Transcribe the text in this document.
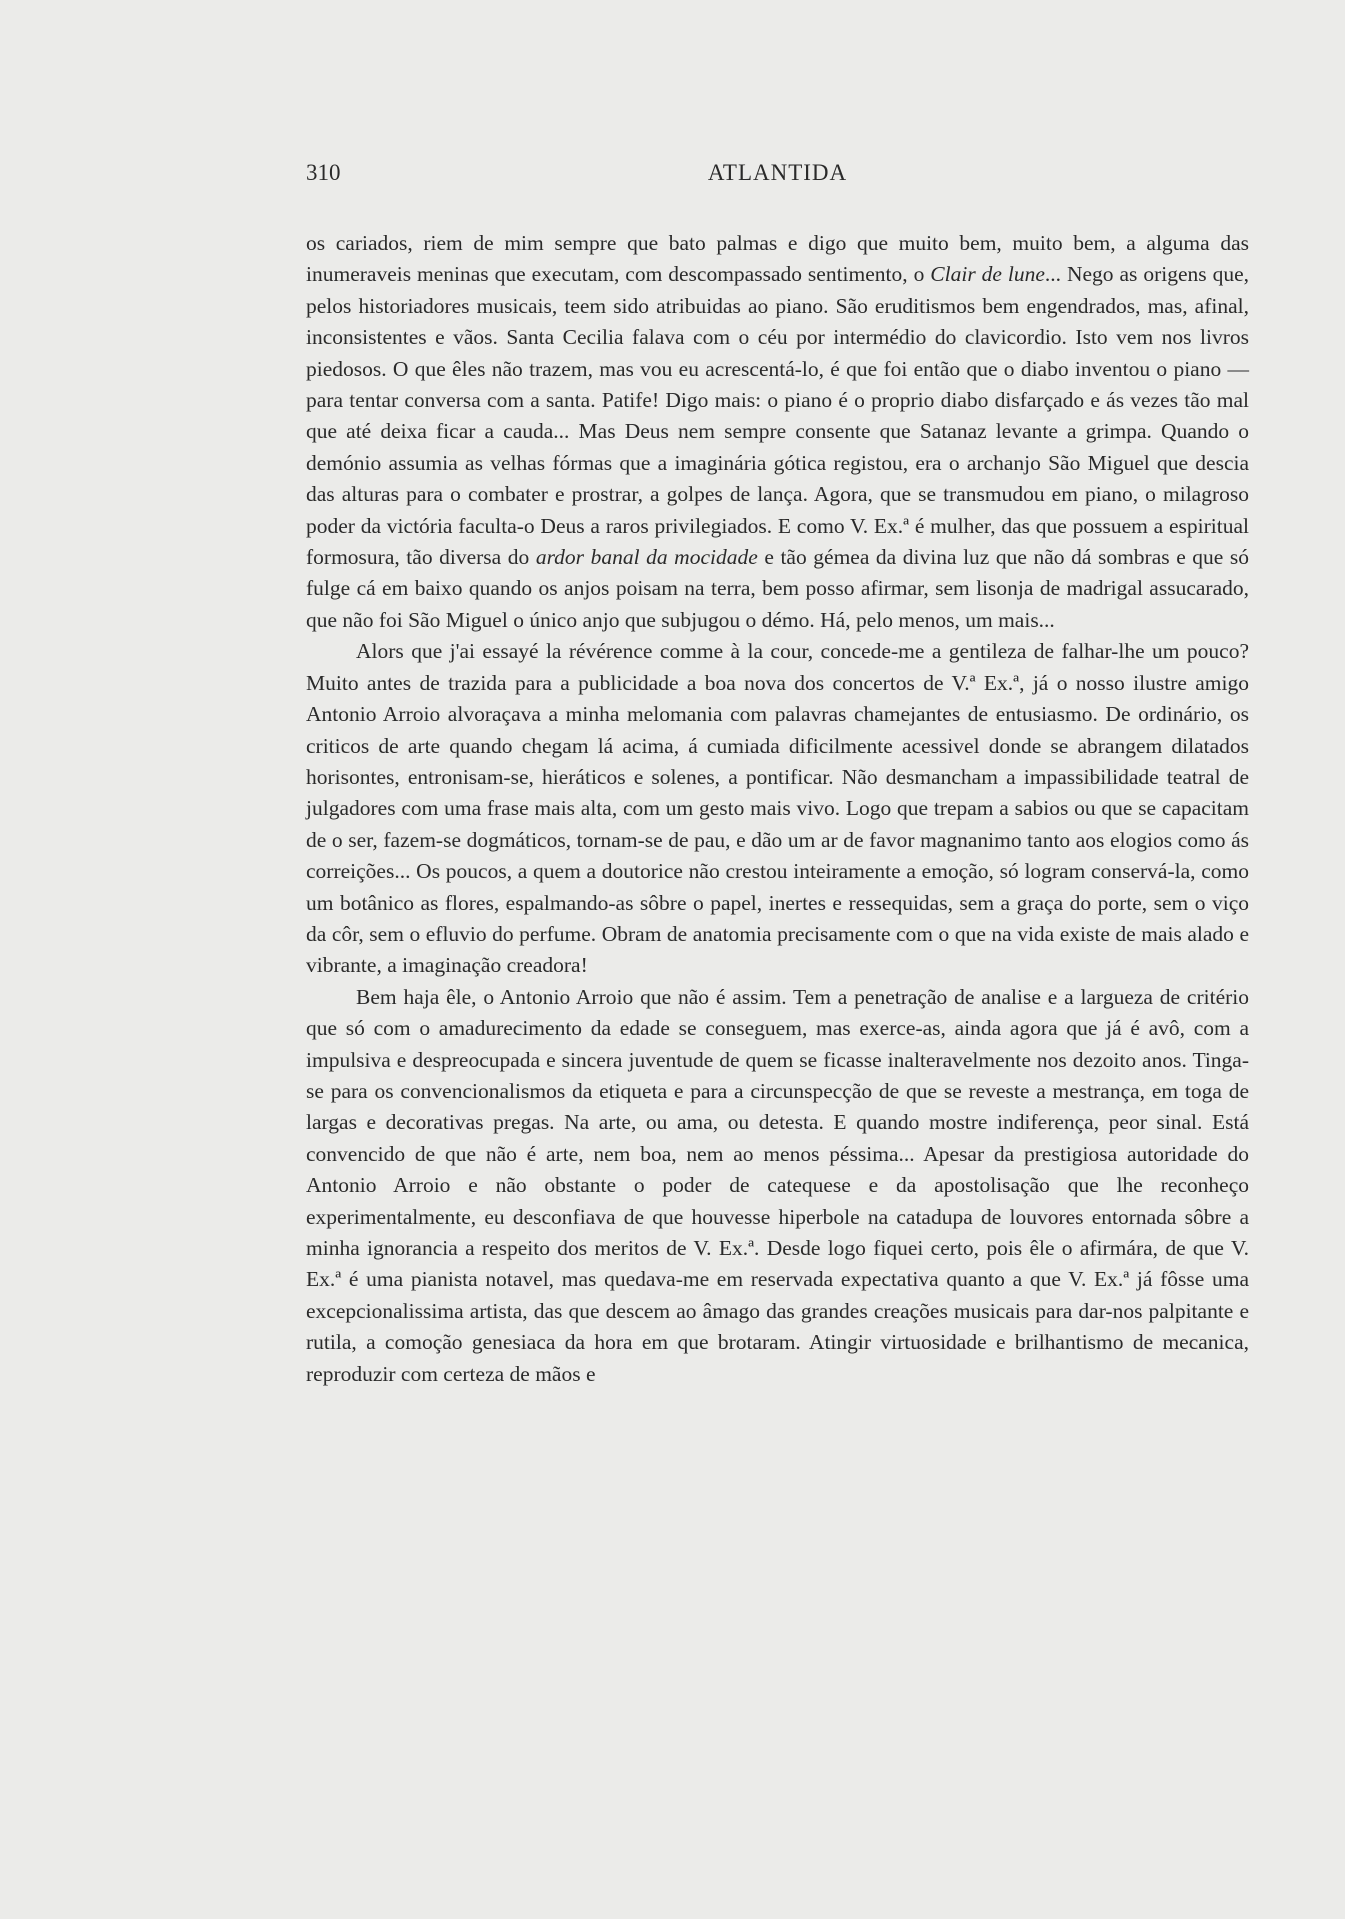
310	ATLANTIDA

os cariados, riem de mim sempre que bato palmas e digo que muito bem, muito bem, a alguma das inumeraveis meninas que executam, com descompassado sentimento, o Clair de lune... Nego as origens que, pelos historiadores musicais, teem sido atribuidas ao piano. São eruditismos bem engendrados, mas, afinal, inconsistentes e vãos. Santa Cecilia falava com o céu por intermédio do clavicordio. Isto vem nos livros piedosos. O que êles não trazem, mas vou eu acrescentá-lo, é que foi então que o diabo inventou o piano — para tentar conversa com a santa. Patife! Digo mais: o piano é o proprio diabo disfarçado e ás vezes tão mal que até deixa ficar a cauda... Mas Deus nem sempre consente que Satanaz levante a grimpa. Quando o demónio assumia as velhas fórmas que a imaginária gótica registou, era o archanjo São Miguel que descia das alturas para o combater e prostrar, a golpes de lança. Agora, que se transmudou em piano, o milagroso poder da victória faculta-o Deus a raros privilegiados. E como V. Ex.ª é mulher, das que possuem a espiritual formosura, tão diversa do ardor banal da mocidade e tão gémea da divina luz que não dá sombras e que só fulge cá em baixo quando os anjos poisam na terra, bem posso afirmar, sem lisonja de madrigal assucarado, que não foi São Miguel o único anjo que subjugou o démo. Há, pelo menos, um mais...

Alors que j'ai essayé la révérence comme à la cour, concede-me a gentileza de falhar-lhe um pouco? Muito antes de trazida para a publicidade a boa nova dos concertos de V.ª Ex.ª, já o nosso ilustre amigo Antonio Arroio alvoraçava a minha melomania com palavras chamejantes de entusiasmo. De ordinário, os criticos de arte quando chegam lá acima, á cumiada dificilmente acessivel donde se abrangem dilatados horisontes, entronisam-se, hieráticos e solenes, a pontificar. Não desmancham a impassibilidade teatral de julgadores com uma frase mais alta, com um gesto mais vivo. Logo que trepam a sabios ou que se capacitam de o ser, fazem-se dogmáticos, tornam-se de pau, e dão um ar de favor magnanimo tanto aos elogios como ás correições... Os poucos, a quem a doutorice não crestou inteiramente a emoção, só logram conservá-la, como um botânico as flores, espalmando-as sôbre o papel, inertes e ressequidas, sem a graça do porte, sem o viço da côr, sem o efluvio do perfume. Obram de anatomia precisamente com o que na vida existe de mais alado e vibrante, a imaginação creadora!

Bem haja êle, o Antonio Arroio que não é assim. Tem a penetração de analise e a largueza de critério que só com o amadurecimento da edade se conseguem, mas exerce-as, ainda agora que já é avô, com a impulsiva e despreocupada e sincera juventude de quem se ficasse inalteravelmente nos dezoito anos. Tinga-se para os convencionalismos da etiqueta e para a circunspecção de que se reveste a mestrança, em toga de largas e decorativas pregas. Na arte, ou ama, ou detesta. E quando mostre indiferença, peor sinal. Está convencido de que não é arte, nem boa, nem ao menos péssima... Apesar da prestigiosa autoridade do Antonio Arroio e não obstante o poder de catequese e da apostolisação que lhe reconheço experimentalmente, eu desconfiava de que houvesse hiperbole na catadupa de louvores entornada sôbre a minha ignorancia a respeito dos meritos de V. Ex.ª. Desde logo fiquei certo, pois êle o afirmára, de que V. Ex.ª é uma pianista notavel, mas quedava-me em reservada expectativa quanto a que V. Ex.ª já fôsse uma excepcionalissima artista, das que descem ao âmago das grandes creações musicais para dar-nos palpitante e rutila, a comoção genesiaca da hora em que brotaram. Atingir virtuosidade e brilhantismo de mecanica, reproduzir com certeza de mãos e
